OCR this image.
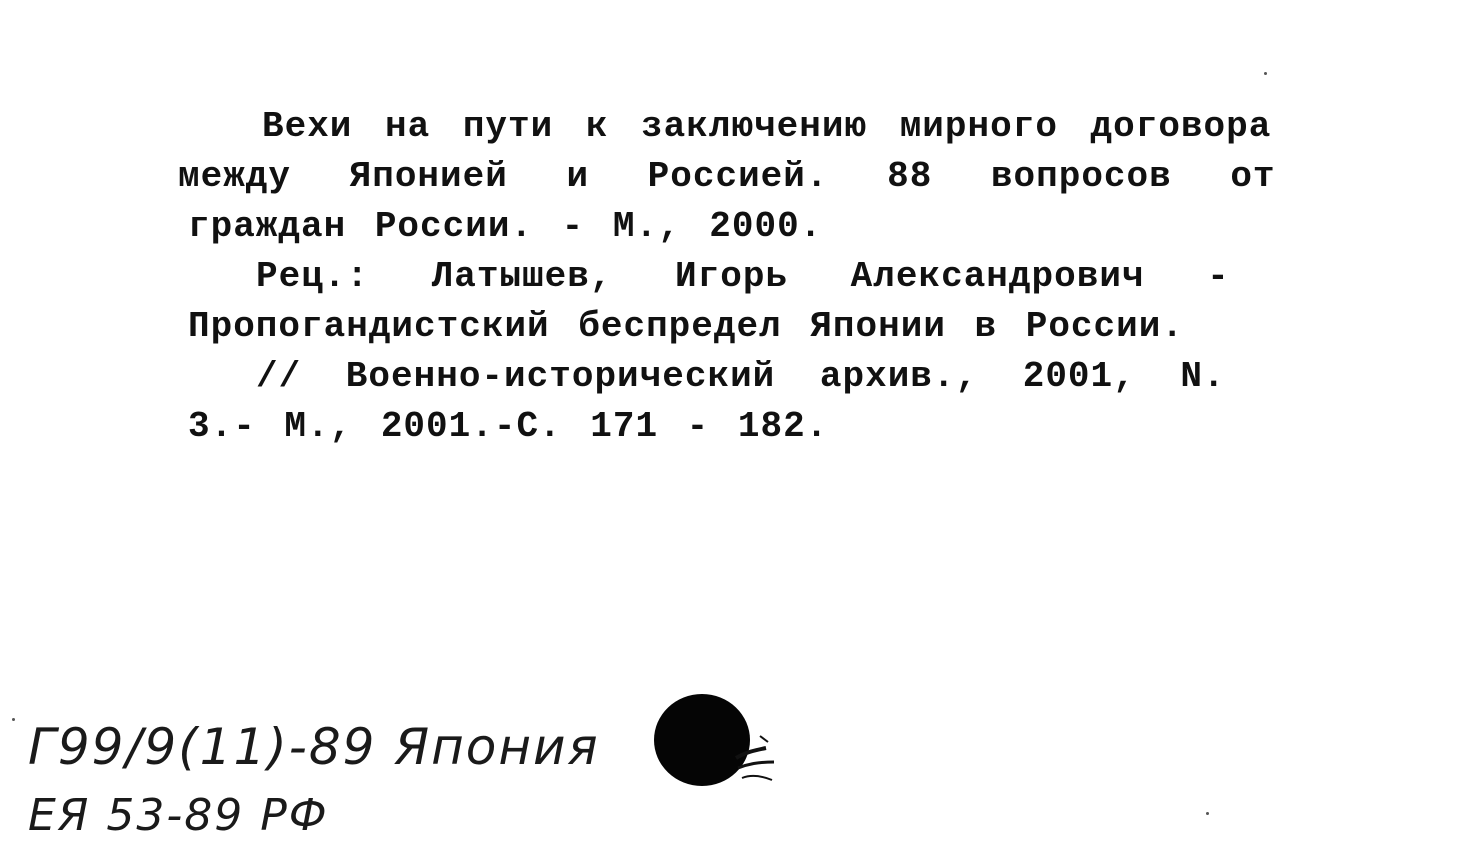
Вехи на пути к заключению мирного договора
между Японией и Россией. 88 вопросов от
граждан России. - М., 2000.
Рец.: Латышев, Игорь Александрович -
Пропогандистский беспредел Японии в России.
// Военно-исторический архив., 2001, N.
3.- М., 2001.-С. 171 - 182.
Г99/9(11)-89 Япония
ЕЯ 53-89 РФ
